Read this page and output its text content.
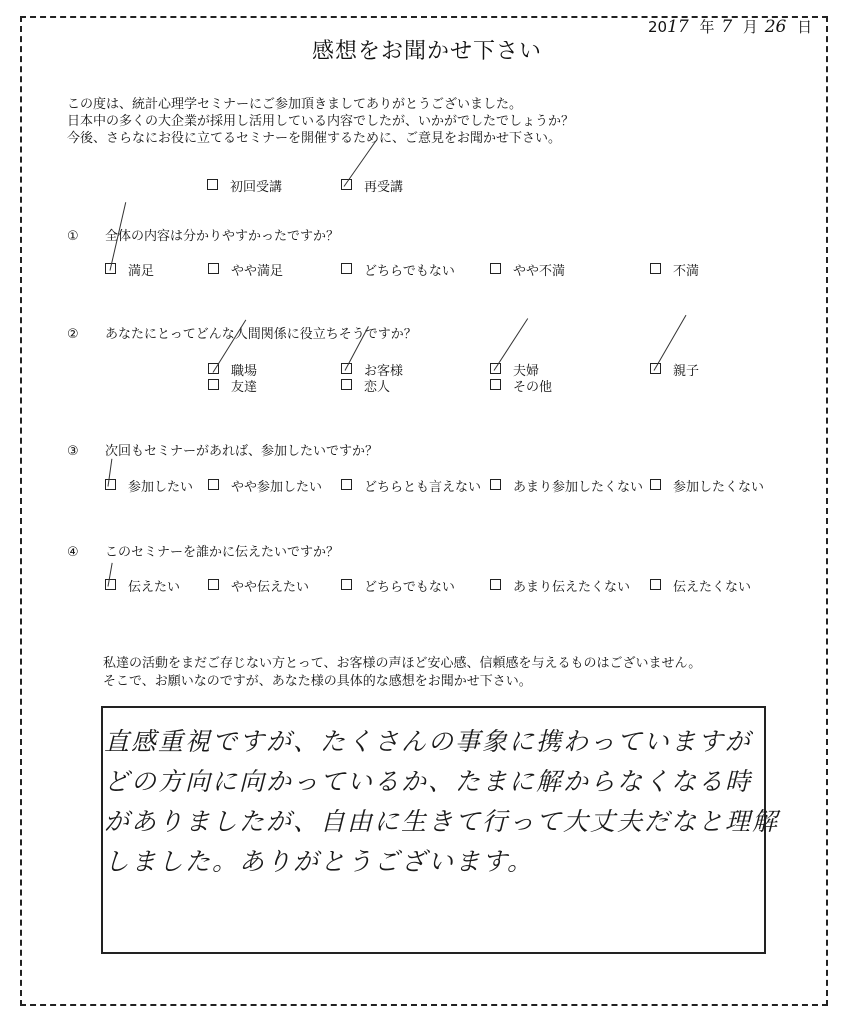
2017 年 7 月 26 日
感想をお聞かせ下さい
この度は、統計心理学セミナーにご参加頂きましてありがとうございました。
日本中の多くの大企業が採用し活用している内容でしたが、いかがでしたでしょうか？
今後、さらなにお役に立てるセミナーを開催するために、ご意見をお聞かせ下さい。
初回受講	再受講
① 全体の内容は分かりやすかったですか？
満足	やや満足	どちらでもない	やや不満	不満
② あなたにとってどんな人間関係に役立ちそうですか？
職場	お客様	夫婦	親子
友達	恋人	その他
③ 次回もセミナーがあれば、参加したいですか？
参加したい	やや参加したい	どちらとも言えない	あまり参加したくない	参加したくない
④ このセミナーを誰かに伝えたいですか？
伝えたい	やや伝えたい	どちらでもない	あまり伝えたくない	伝えたくない
私達の活動をまだご存じない方とって、お客様の声ほど安心感、信頼感を与えるものはございません。
そこで、お願いなのですが、あなた様の具体的な感想をお聞かせ下さい。
直感重視ですが、たくさんの事象に携わっていますが
どの方向に向かっているか、たまに解からなくなる時
がありましたが、自由に生きて行って大丈夫だなと理解
しました。ありがとうございます。
